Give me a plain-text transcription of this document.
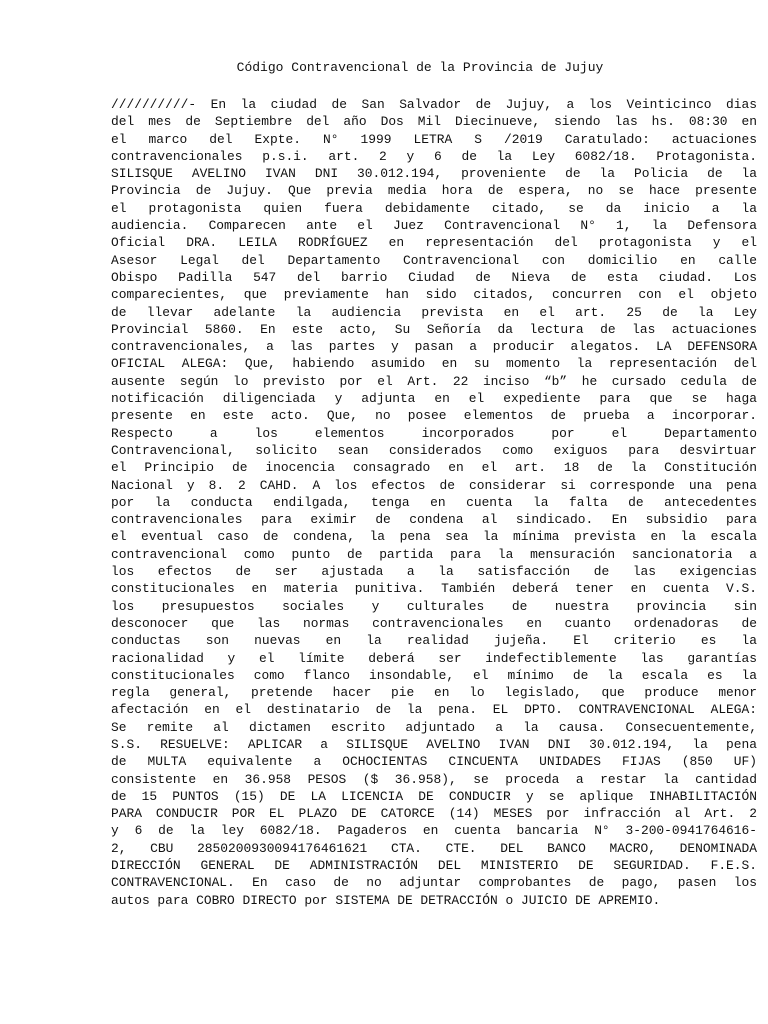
Código Contravencional de la Provincia de Jujuy
//////////- En la ciudad de San Salvador de Jujuy, a los Veinticinco dias
del mes de Septiembre del año Dos Mil Diecinueve, siendo las hs. 08:30 en
el marco del Expte. N° 1999 LETRA S /2019 Caratulado: actuaciones
contravencionales p.s.i. art. 2 y 6 de la Ley 6082/18. Protagonista.
SILISQUE AVELINO IVAN DNI 30.012.194, proveniente de la Policia de la
Provincia de Jujuy. Que previa media hora de espera, no se hace presente
el protagonista quien fuera debidamente citado, se da inicio a la
audiencia. Comparecen ante el Juez Contravencional N° 1, la Defensora
Oficial DRA. LEILA RODRÍGUEZ en representación del protagonista y el
Asesor Legal del Departamento Contravencional con domicilio en calle
Obispo Padilla 547 del barrio Ciudad de Nieva de esta ciudad. Los
comparecientes, que previamente han sido citados, concurren con el objeto
de llevar adelante la audiencia prevista en el art. 25 de la Ley
Provincial 5860. En este acto, Su Señoría da lectura de las actuaciones
contravencionales, a las partes y pasan a producir alegatos. LA DEFENSORA
OFICIAL ALEGA: Que, habiendo asumido en su momento la representación del
ausente según lo previsto por el Art. 22 inciso “b” he cursado cedula de
notificación diligenciada y adjunta en el expediente para que se haga
presente en este acto. Que, no posee elementos de prueba a incorporar.
Respecto a los elementos incorporados por el Departamento
Contravencional, solicito sean considerados como exiguos para desvirtuar
el Principio de inocencia consagrado en el art. 18 de la Constitución
Nacional y 8. 2 CAHD. A los efectos de considerar si corresponde una pena
por la conducta endilgada, tenga en cuenta la falta de antecedentes
contravencionales para eximir de condena al sindicado. En subsidio para
el eventual caso de condena, la pena sea la mínima prevista en la escala
contravencional como punto de partida para la mensuración sancionatoria a
los efectos de ser ajustada a la satisfacción de las exigencias
constitucionales en materia punitiva. También deberá tener en cuenta V.S.
los presupuestos sociales y culturales de nuestra provincia sin
desconocer que las normas contravencionales en cuanto ordenadoras de
conductas son nuevas en la realidad jujeña. El criterio es la
racionalidad y el límite deberá ser indefectiblemente las garantías
constitucionales como flanco insondable, el mínimo de la escala es la
regla general, pretende hacer pie en lo legislado, que produce menor
afectación en el destinatario de la pena. EL DPTO. CONTRAVENCIONAL ALEGA:
Se remite al dictamen escrito adjuntado a la causa. Consecuentemente,
S.S. RESUELVE: APLICAR a SILISQUE AVELINO IVAN DNI 30.012.194, la pena
de MULTA equivalente a OCHOCIENTAS CINCUENTA UNIDADES FIJAS (850 UF)
consistente en 36.958 PESOS ($ 36.958), se proceda a restar la cantidad
de 15 PUNTOS (15) DE LA LICENCIA DE CONDUCIR y se aplique INHABILITACIÓN
PARA CONDUCIR POR EL PLAZO DE CATORCE (14) MESES por infracción al Art. 2
y 6 de la ley 6082/18. Pagaderos en cuenta bancaria N° 3-200-0941764616-
2, CBU 2850200930094176461621 CTA. CTE. DEL BANCO MACRO, DENOMINADA
DIRECCIÓN GENERAL DE ADMINISTRACIÓN DEL MINISTERIO DE SEGURIDAD. F.E.S.
CONTRAVENCIONAL. En caso de no adjuntar comprobantes de pago, pasen los
autos para COBRO DIRECTO por SISTEMA DE DETRACCIÓN o JUICIO DE APREMIO.
